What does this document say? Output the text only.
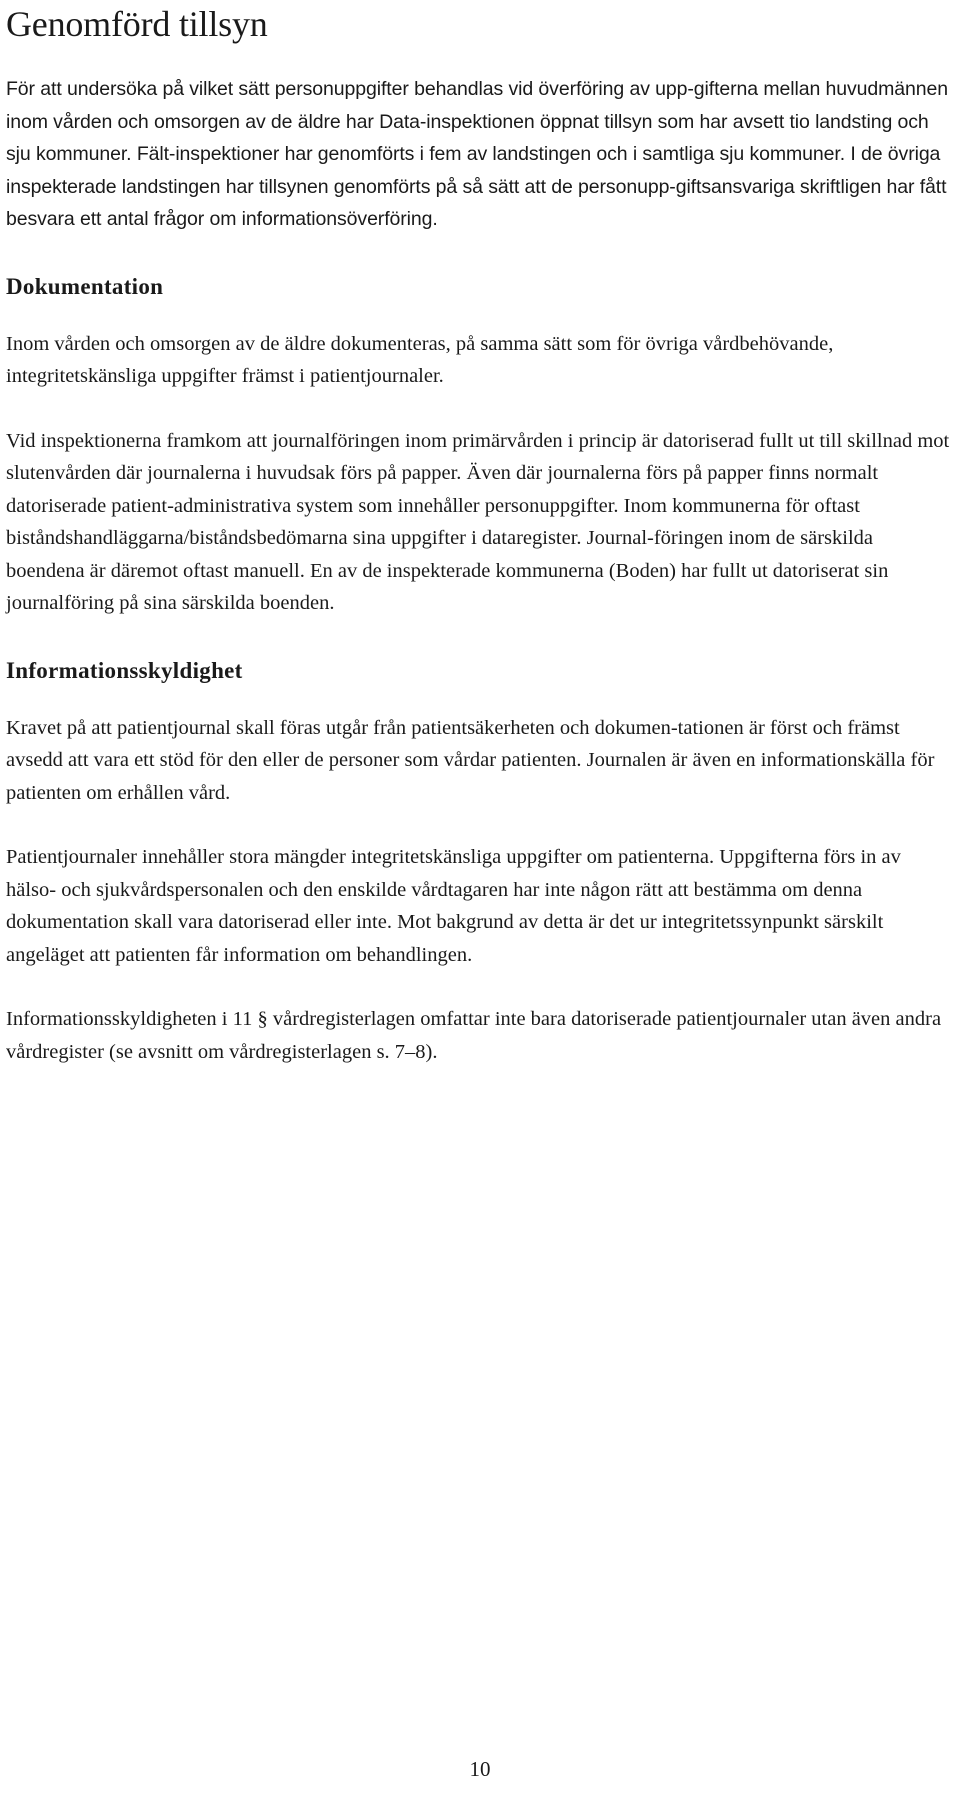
Genomförd tillsyn

För att undersöka på vilket sätt personuppgifter behandlas vid överföring av upp-gifterna mellan huvudmännen inom vården och omsorgen av de äldre har Data-inspektionen öppnat tillsyn som har avsett tio landsting och sju kommuner. Fält-inspektioner har genomförts i fem av landstingen och i samtliga sju kommuner. I de övriga inspekterade landstingen har tillsynen genomförts på så sätt att de personupp-giftsansvariga skriftligen har fått besvara ett antal frågor om informationsöverföring.

Dokumentation

Inom vården och omsorgen av de äldre dokumenteras, på samma sätt som för övriga vårdbehövande, integritetskänsliga uppgifter främst i patientjournaler.

Vid inspektionerna framkom att journalföringen inom primärvården i princip är datoriserad fullt ut till skillnad mot slutenvården där journalerna i huvudsak förs på papper. Även där journalerna förs på papper finns normalt datoriserade patient-administrativa system som innehåller personuppgifter. Inom kommunerna för oftast biståndshandläggarna/biståndsbedömarna sina uppgifter i dataregister. Journal-föringen inom de särskilda boendena är däremot oftast manuell. En av de inspekterade kommunerna (Boden) har fullt ut datoriserat sin journalföring på sina särskilda boenden.

Informationsskyldighet

Kravet på att patientjournal skall föras utgår från patientsäkerheten och dokumen-tationen är först och främst avsedd att vara ett stöd för den eller de personer som vårdar patienten. Journalen är även en informationskälla för patienten om erhållen vård.

Patientjournaler innehåller stora mängder integritetskänsliga uppgifter om patienterna. Uppgifterna förs in av hälso- och sjukvårdspersonalen och den enskilde vårdtagaren har inte någon rätt att bestämma om denna dokumentation skall vara datoriserad eller inte. Mot bakgrund av detta är det ur integritetssynpunkt särskilt angeläget att patienten får information om behandlingen.

Informationsskyldigheten i 11 § vårdregisterlagen omfattar inte bara datoriserade patientjournaler utan även andra vårdregister (se avsnitt om vårdregisterlagen s. 7–8).

10
